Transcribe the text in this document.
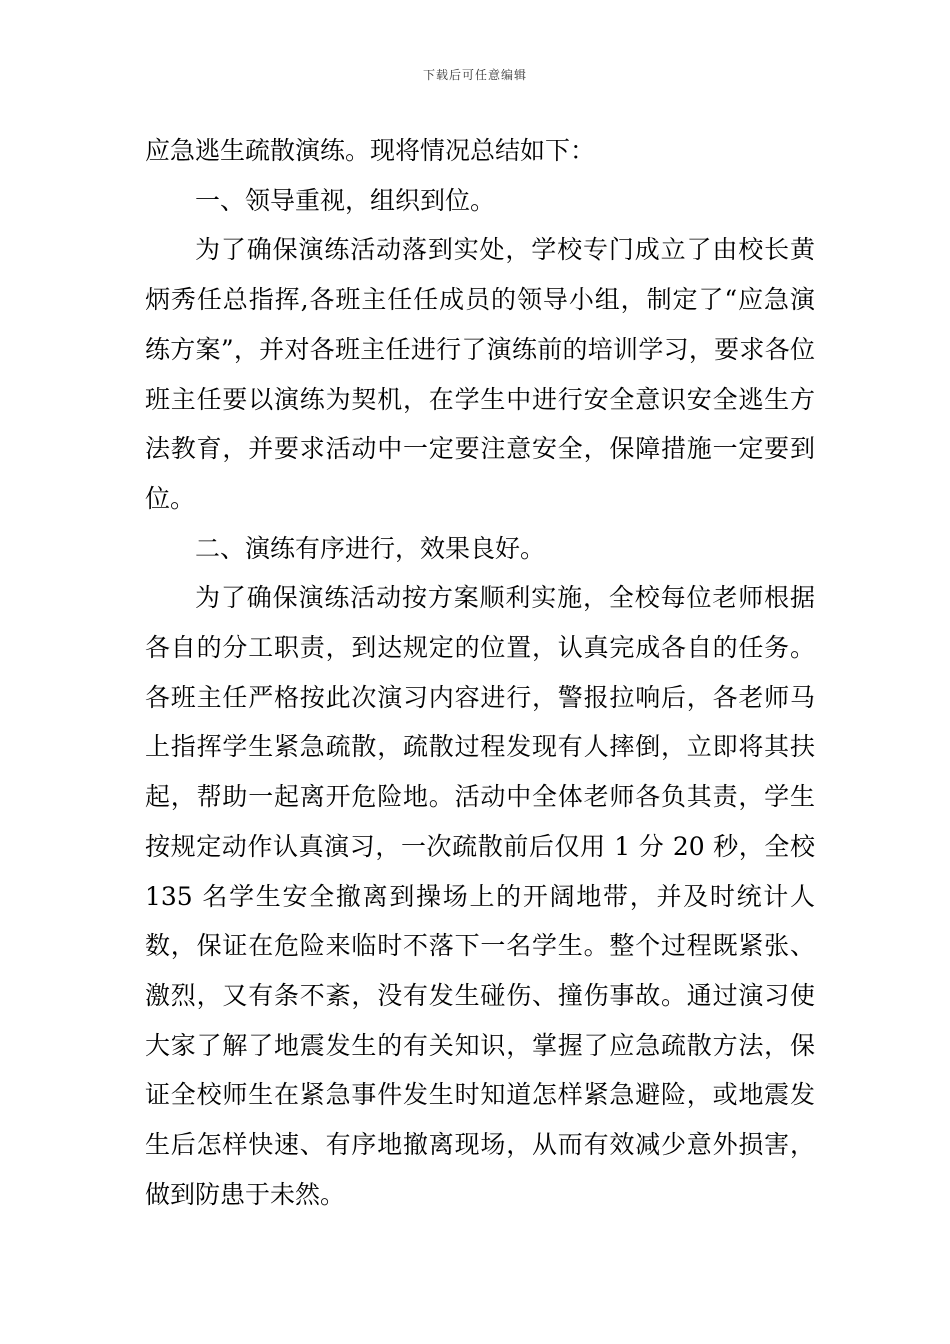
下载后可任意编辑

应急逃生疏散演练。现将情况总结如下：

一、领导重视，组织到位。

为了确保演练活动落到实处，学校专门成立了由校长黄炳秀任总指挥,各班主任任成员的领导小组，制定了“应急演练方案”，并对各班主任进行了演练前的培训学习，要求各位班主任要以演练为契机，在学生中进行安全意识安全逃生方法教育，并要求活动中一定要注意安全，保障措施一定要到位。

二、演练有序进行，效果良好。

为了确保演练活动按方案顺利实施，全校每位老师根据各自的分工职责，到达规定的位置，认真完成各自的任务。各班主任严格按此次演习内容进行，警报拉响后，各老师马上指挥学生紧急疏散，疏散过程发现有人摔倒，立即将其扶起，帮助一起离开危险地。活动中全体老师各负其责，学生按规定动作认真演习，一次疏散前后仅用 1 分 20 秒，全校 135 名学生安全撤离到操场上的开阔地带，并及时统计人数，保证在危险来临时不落下一名学生。整个过程既紧张、激烈，又有条不紊，没有发生碰伤、撞伤事故。通过演习使大家了解了地震发生的有关知识，掌握了应急疏散方法，保证全校师生在紧急事件发生时知道怎样紧急避险，或地震发生后怎样快速、有序地撤离现场，从而有效减少意外损害，做到防患于未然。
